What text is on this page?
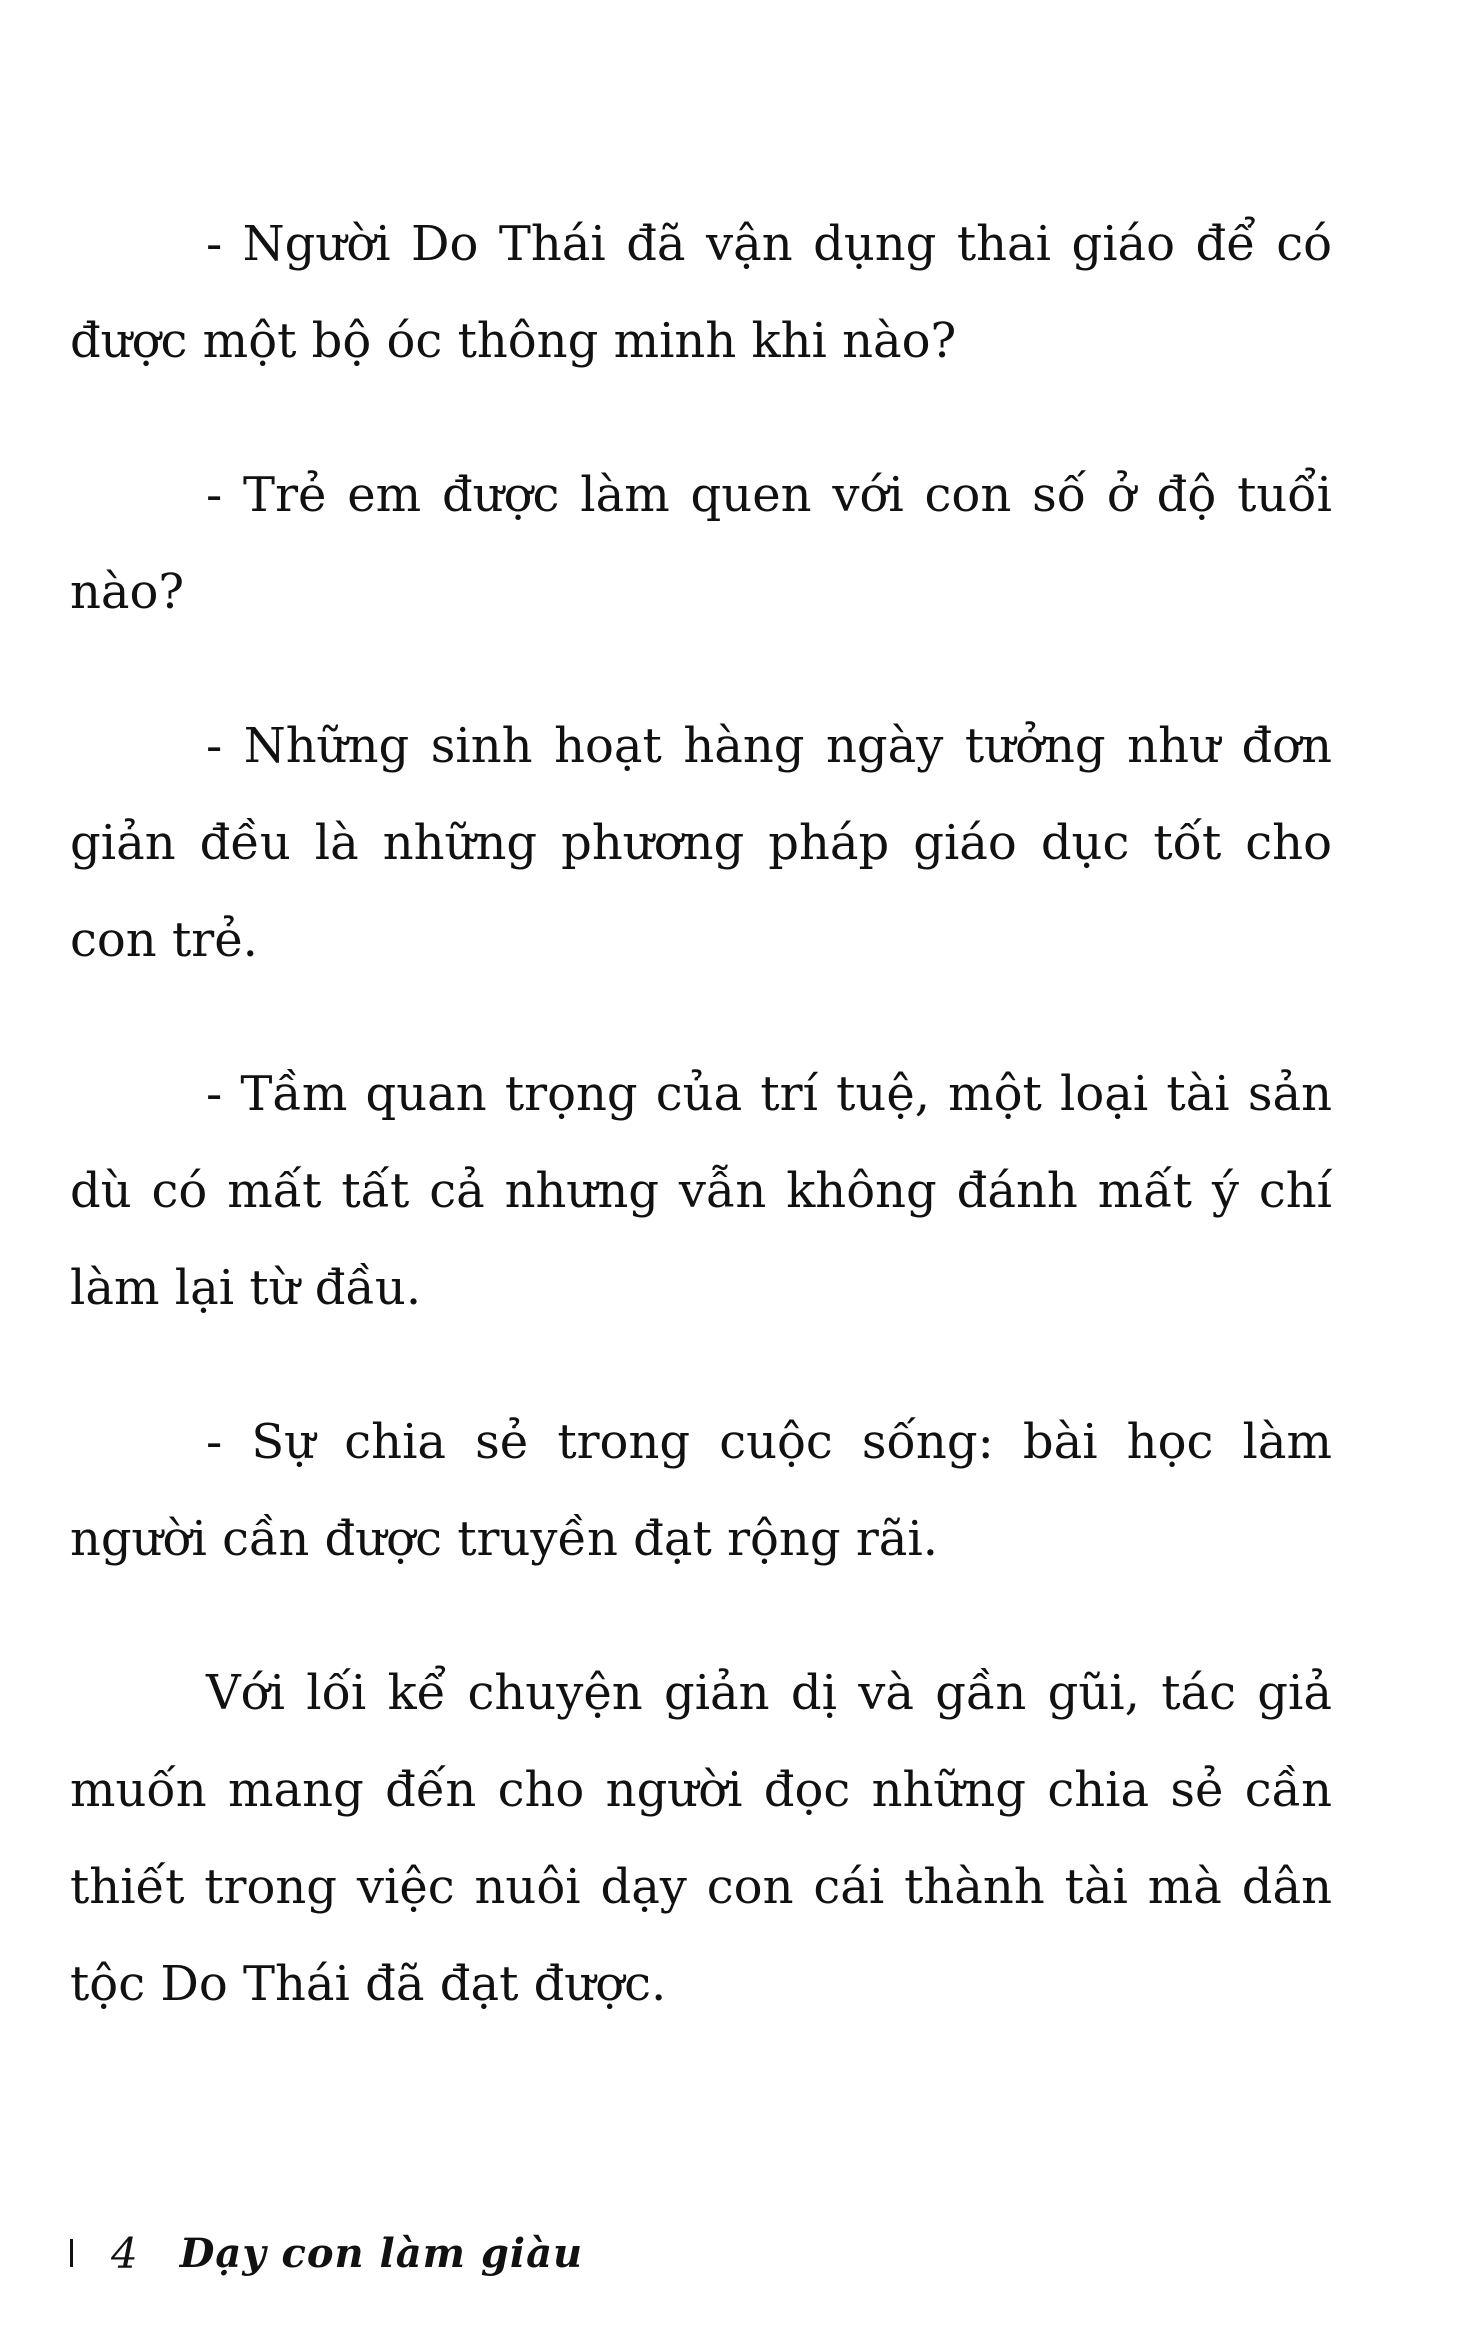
- Người Do Thái đã vận dụng thai giáo để có được một bộ óc thông minh khi nào?

- Trẻ em được làm quen với con số ở độ tuổi nào?

- Những sinh hoạt hàng ngày tưởng như đơn giản đều là những phương pháp giáo dục tốt cho con trẻ.

- Tầm quan trọng của trí tuệ, một loại tài sản dù có mất tất cả nhưng vẫn không đánh mất ý chí làm lại từ đầu.

- Sự chia sẻ trong cuộc sống: bài học làm người cần được truyền đạt rộng rãi.

Với lối kể chuyện giản dị và gần gũi, tác giả muốn mang đến cho người đọc những chia sẻ cần thiết trong việc nuôi dạy con cái thành tài mà dân tộc Do Thái đã đạt được.

4 Dạy con làm giàu
